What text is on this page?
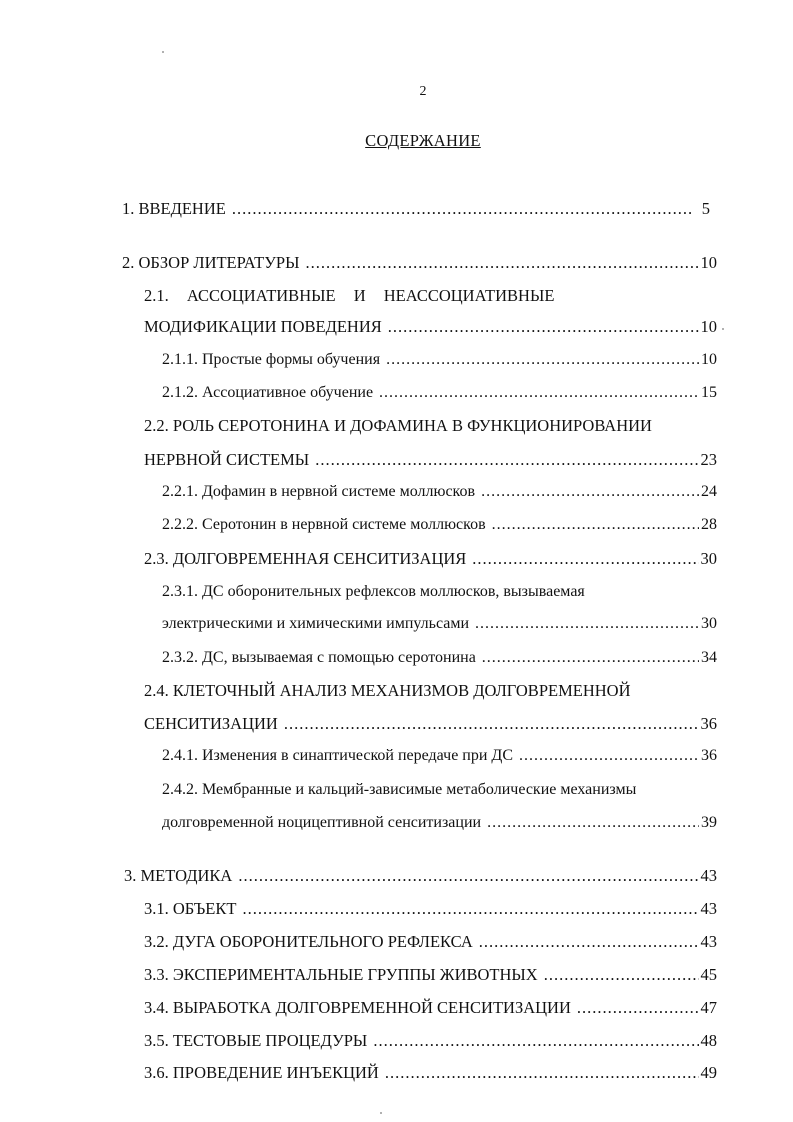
2
СОДЕРЖАНИЕ
1. ВВЕДЕНИЕ .....	5
2. ОБЗОР ЛИТЕРАТУРЫ .....	10
2.1. АССОЦИАТИВНЫЕ И НЕАССОЦИАТИВНЫЕ
МОДИФИКАЦИИ ПОВЕДЕНИЯ .....	10
2.1.1. Простые формы обучения .....	10
2.1.2. Ассоциативное обучение .....	15
2.2. РОЛЬ СЕРОТОНИНА И ДОФАМИНА В ФУНКЦИОНИРОВАНИИ
НЕРВНОЙ СИСТЕМЫ .....	23
2.2.1. Дофамин в нервной системе моллюсков .....	24
2.2.2. Серотонин в нервной системе моллюсков .....	28
2.3. ДОЛГОВРЕМЕННАЯ СЕНСИТИЗАЦИЯ .....	30
2.3.1. ДС оборонительных рефлексов моллюсков, вызываемая
электрическими и химическими импульсами .....	30
2.3.2. ДС, вызываемая с помощью серотонина .....	34
2.4. КЛЕТОЧНЫЙ АНАЛИЗ МЕХАНИЗМОВ ДОЛГОВРЕМЕННОЙ
СЕНСИТИЗАЦИИ .....	36
2.4.1. Изменения в синаптической передаче при ДС .....	36
2.4.2. Мембранные и кальций-зависимые метаболические механизмы
долговременной ноцицептивной сенситизации .....	39
3. МЕТОДИКА .....	43
3.1. ОБЪЕКТ .....	43
3.2. ДУГА ОБОРОНИТЕЛЬНОГО РЕФЛЕКСА .....	43
3.3. ЭКСПЕРИМЕНТАЛЬНЫЕ ГРУППЫ ЖИВОТНЫХ .....	45
3.4. ВЫРАБОТКА ДОЛГОВРЕМЕННОЙ СЕНСИТИЗАЦИИ .....	47
3.5. ТЕСТОВЫЕ ПРОЦЕДУРЫ .....	48
3.6. ПРОВЕДЕНИЕ ИНЪЕКЦИЙ .....	49
